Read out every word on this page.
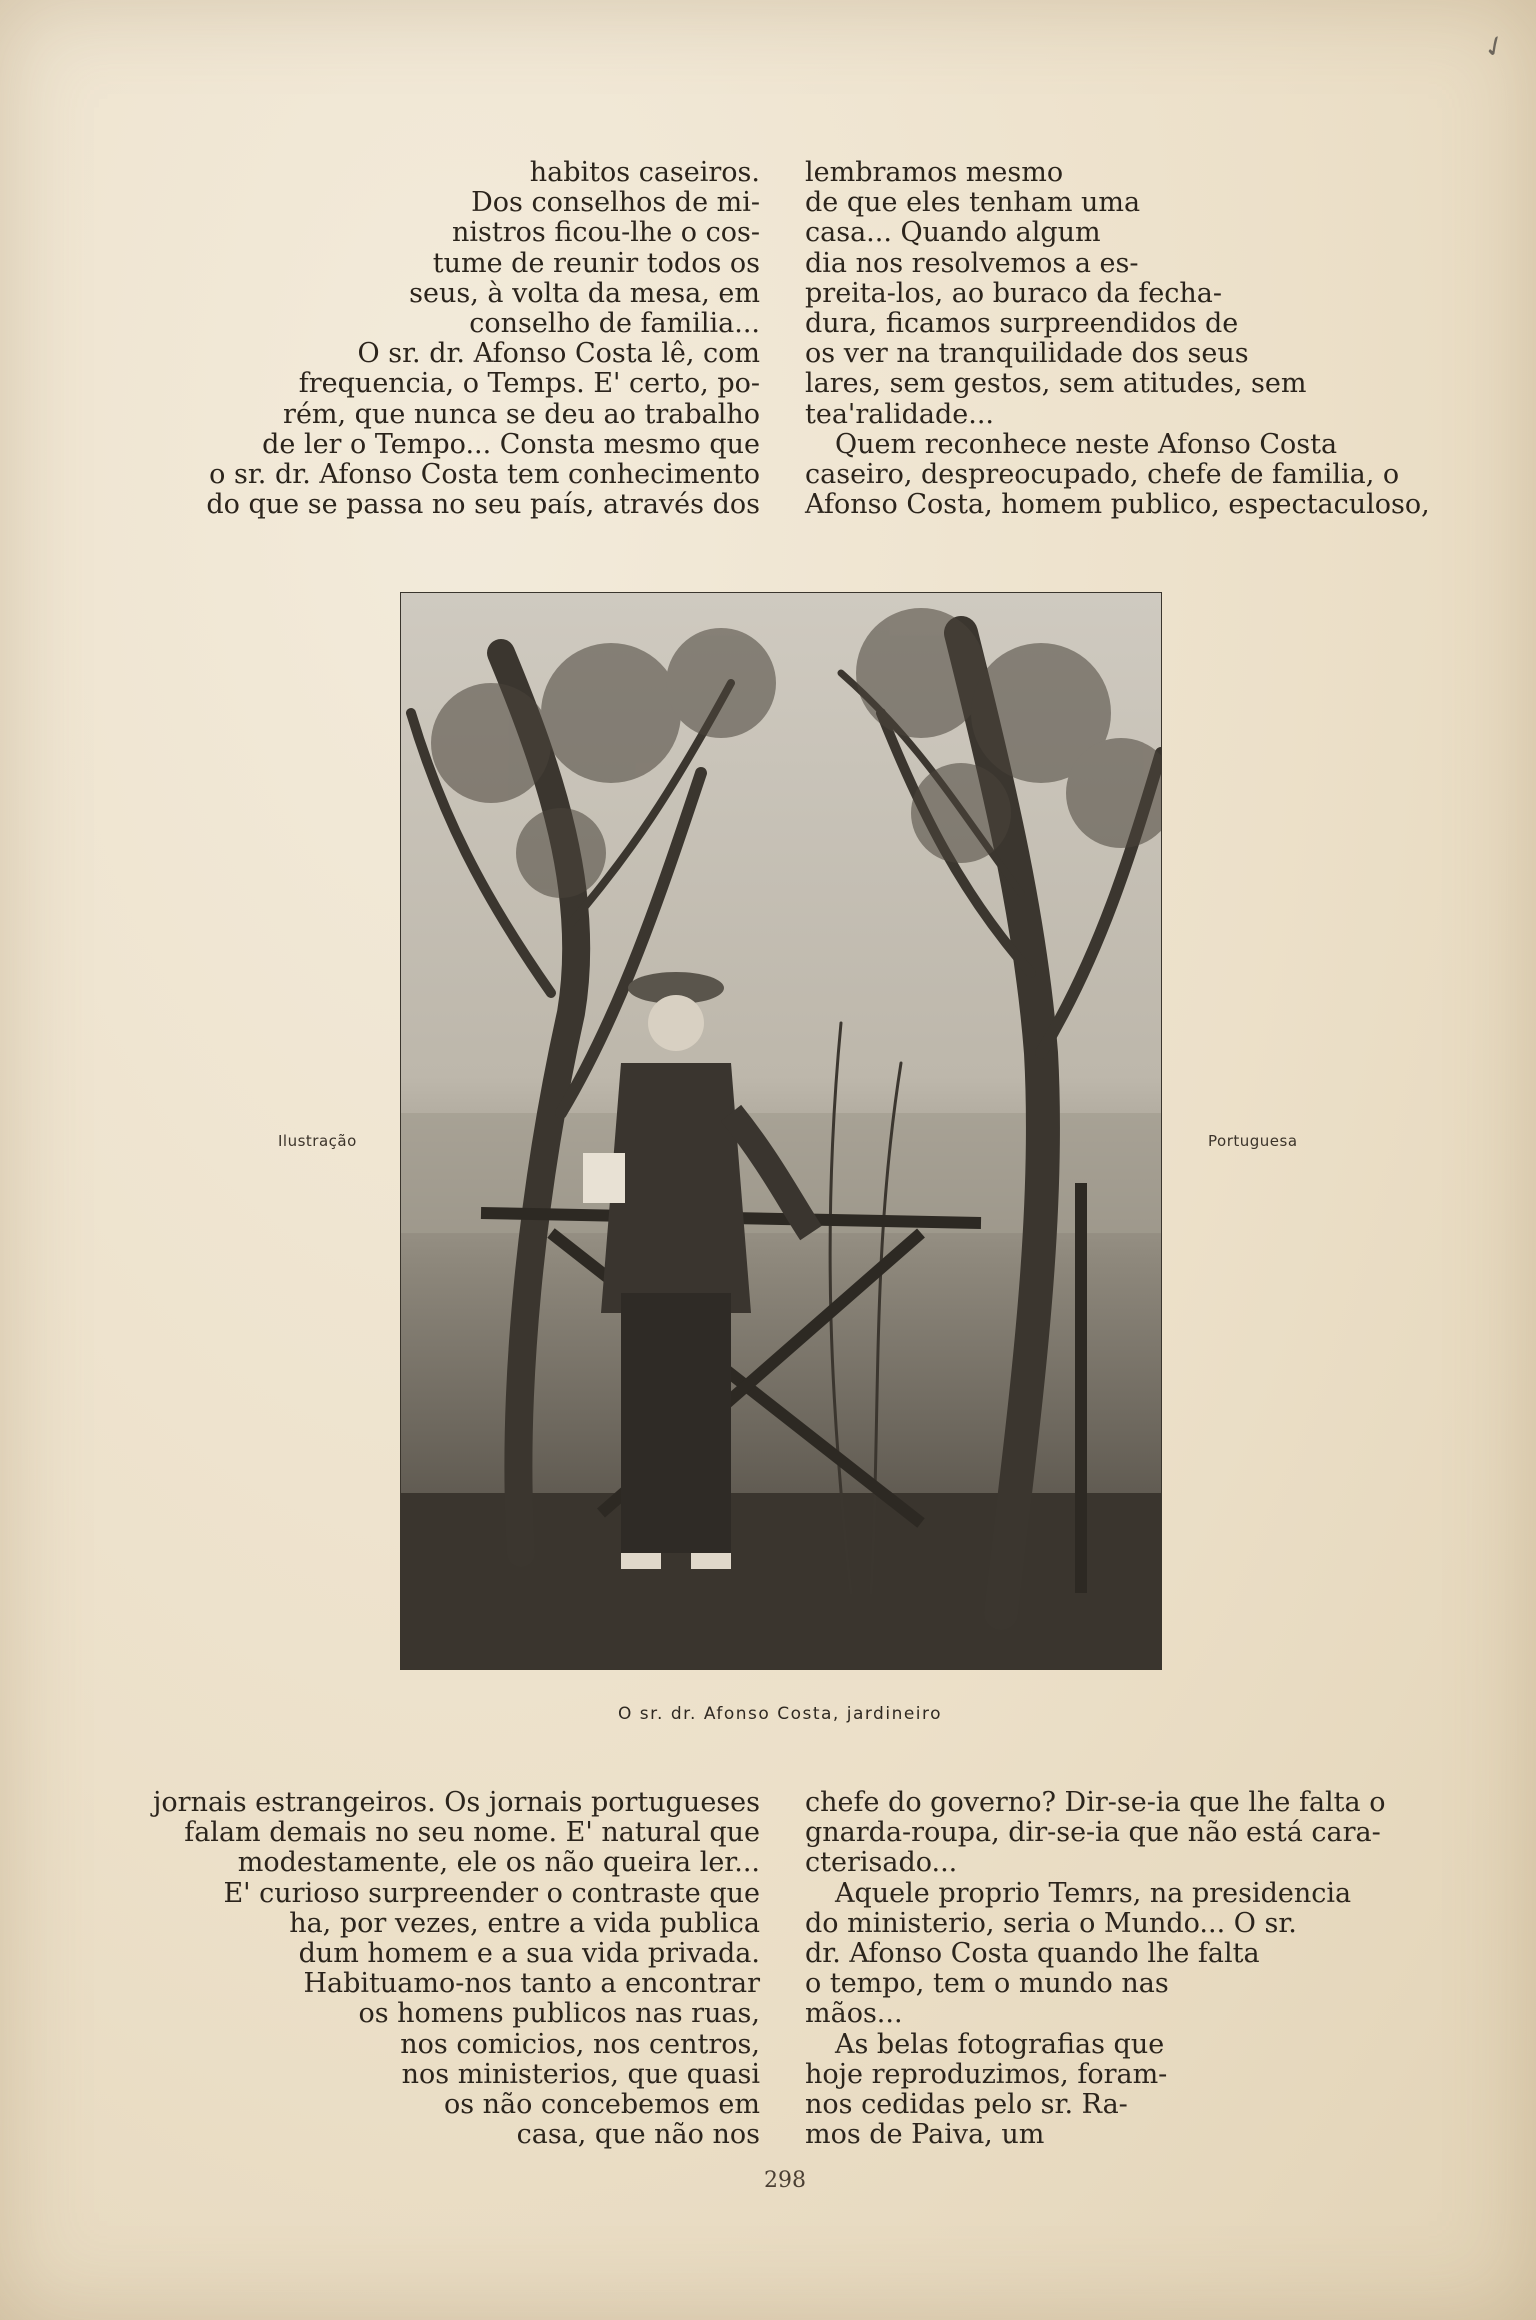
✓
habitos caseiros.
Dos conselhos de mi-
nistros ficou-lhe o cos-
tume de reunir todos os
seus, à volta da mesa, em
conselho de familia...
O sr. dr. Afonso Costa lê, com
frequencia, o Temps. E' certo, po-
rém, que nunca se deu ao trabalho
de ler o Tempo... Consta mesmo que
o sr. dr. Afonso Costa tem conhecimento
do que se passa no seu país, através dos
lembramos mesmo
de que eles tenham uma
casa... Quando algum
dia nos resolvemos a es-
preita-los, ao buraco da fecha-
dura, ficamos surpreendidos de
os ver na tranquilidade dos seus
lares, sem gestos, sem atitudes, sem
tea'ralidade...
Quem reconhece neste Afonso Costa
caseiro, despreocupado, chefe de familia, o
Afonso Costa, homem publico, espectaculoso,
Ilustração	Portuguesa
O sr. dr. Afonso Costa, jardineiro
jornais estrangeiros. Os jornais portugueses
falam demais no seu nome. E' natural que
modestamente, ele os não queira ler...
E' curioso surpreender o contraste que
ha, por vezes, entre a vida publica
dum homem e a sua vida privada.
Habituamo-nos tanto a encontrar
os homens publicos nas ruas,
nos comicios, nos centros,
nos ministerios, que quasi
os não concebemos em
casa, que não nos
chefe do governo? Dir-se-ia que lhe falta o
gnarda-roupa, dir-se-ia que não está cara-
cterisado...
Aquele proprio Temrs, na presidencia
do ministerio, seria o Mundo... O sr.
dr. Afonso Costa quando lhe falta
o tempo, tem o mundo nas
mãos...
As belas fotografias que
hoje reproduzimos, foram-
nos cedidas pelo sr. Ra-
mos de Paiva, um
298
